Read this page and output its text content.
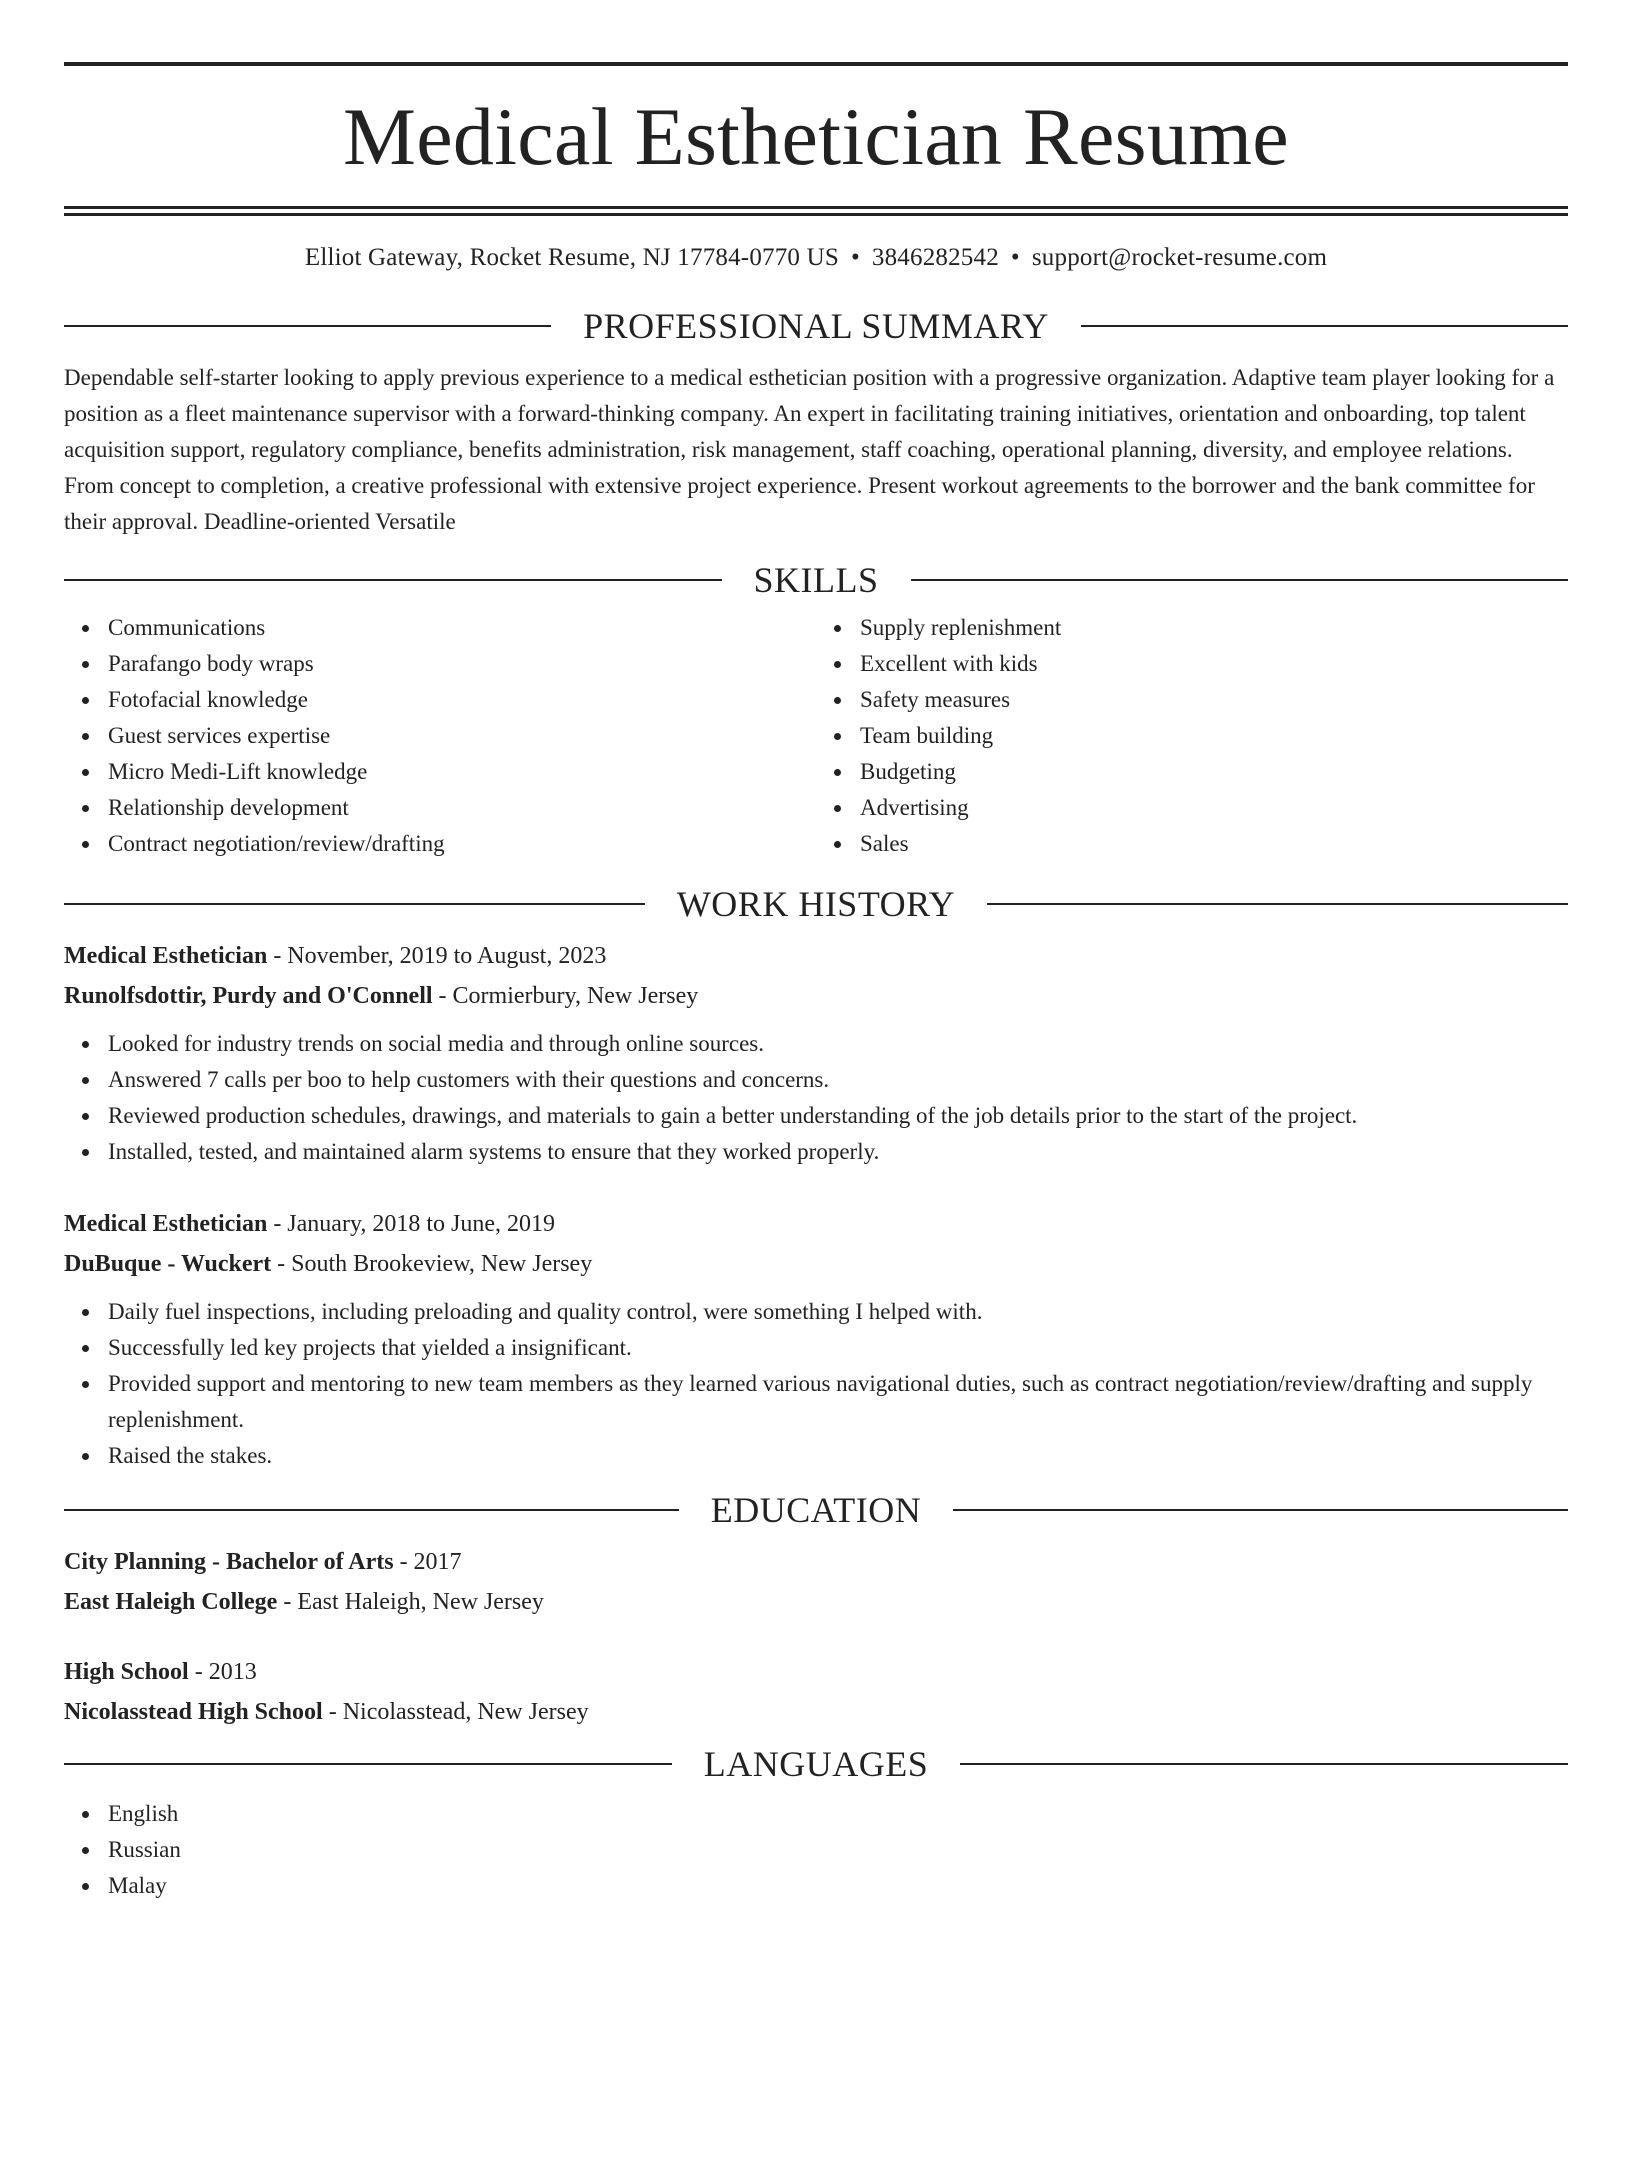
Medical Esthetician Resume
Elliot Gateway, Rocket Resume, NJ 17784-0770 US • 3846282542 • support@rocket-resume.com
PROFESSIONAL SUMMARY

Dependable self-starter looking to apply previous experience to a medical esthetician position with a progressive organization. Adaptive team player looking for a position as a fleet maintenance supervisor with a forward-thinking company. An expert in facilitating training initiatives, orientation and onboarding, top talent acquisition support, regulatory compliance, benefits administration, risk management, staff coaching, operational planning, diversity, and employee relations. From concept to completion, a creative professional with extensive project experience. Present workout agreements to the borrower and the bank committee for their approval. Deadline-oriented Versatile

SKILLS
Communications
Parafango body wraps
Fotofacial knowledge
Guest services expertise
Micro Medi-Lift knowledge
Relationship development
Contract negotiation/review/drafting
Supply replenishment
Excellent with kids
Safety measures
Team building
Budgeting
Advertising
Sales
WORK HISTORY
Medical Esthetician - November, 2019 to August, 2023
Runolfsdottir, Purdy and O'Connell - Cormierbury, New Jersey
Looked for industry trends on social media and through online sources.
Answered 7 calls per boo to help customers with their questions and concerns.
Reviewed production schedules, drawings, and materials to gain a better understanding of the job details prior to the start of the project.
Installed, tested, and maintained alarm systems to ensure that they worked properly.
Medical Esthetician - January, 2018 to June, 2019
DuBuque - Wuckert - South Brookeview, New Jersey
Daily fuel inspections, including preloading and quality control, were something I helped with.
Successfully led key projects that yielded a insignificant.
Provided support and mentoring to new team members as they learned various navigational duties, such as contract negotiation/review/drafting and supply replenishment.
Raised the stakes.
EDUCATION
City Planning - Bachelor of Arts - 2017
East Haleigh College - East Haleigh, New Jersey
High School - 2013
Nicolasstead High School - Nicolasstead, New Jersey
LANGUAGES
English
Russian
Malay
